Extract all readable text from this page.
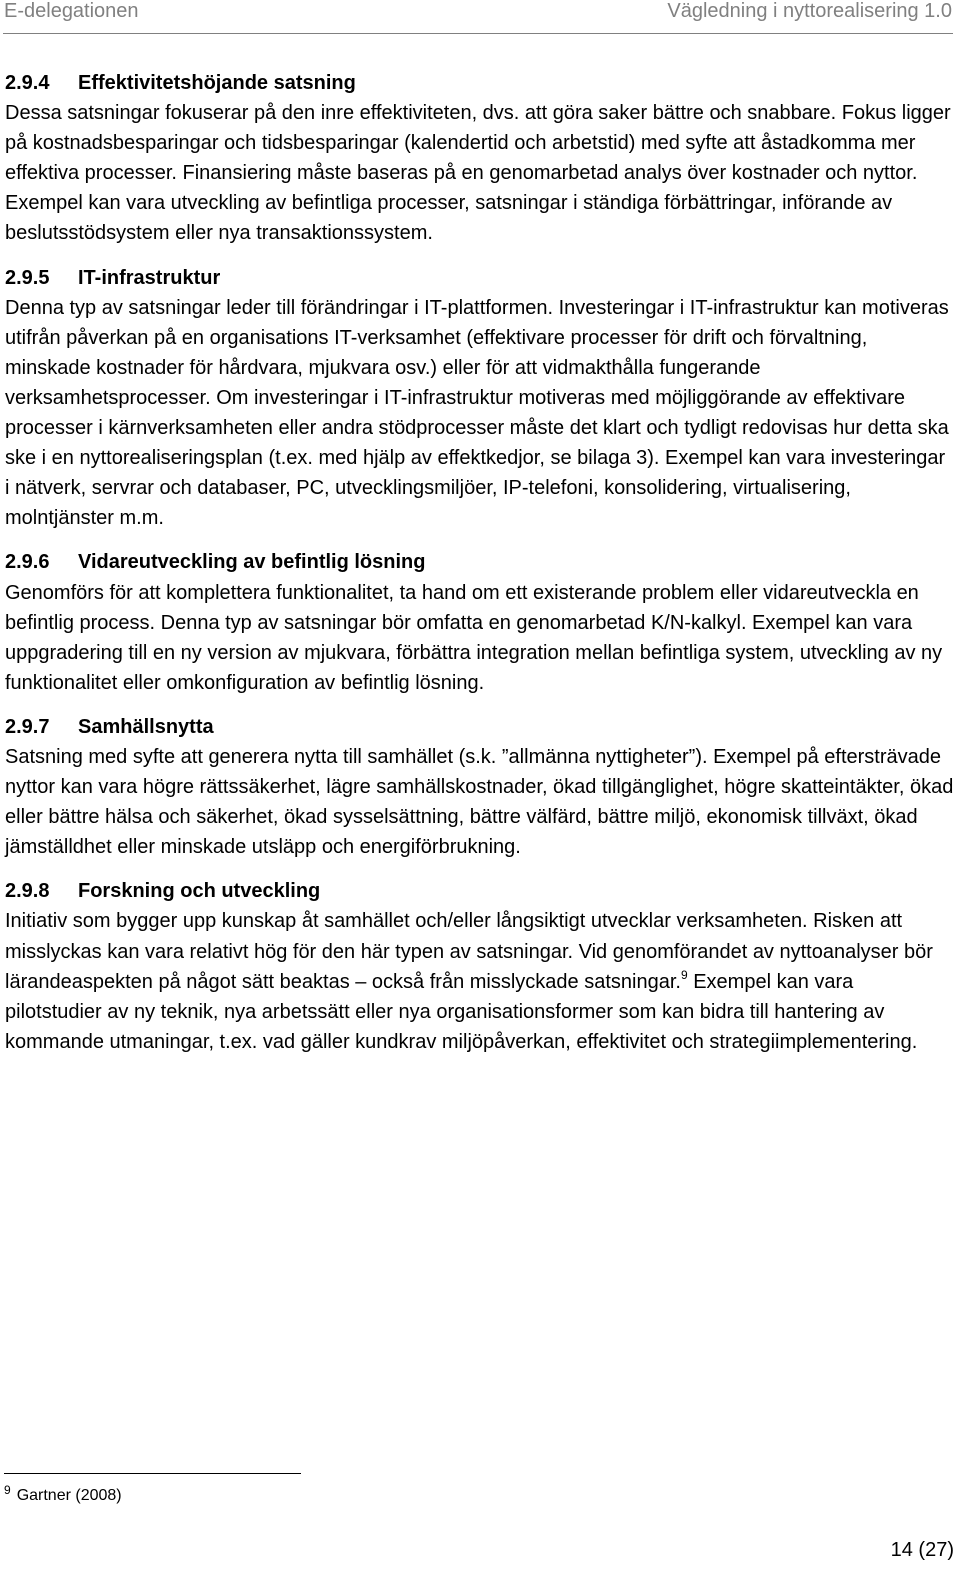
E-delegationen	Vägledning i nyttorealisering 1.0

2.9.4 Effektivitetshöjande satsning

Dessa satsningar fokuserar på den inre effektiviteten, dvs. att göra saker bättre och snabbare. Fokus ligger på kostnadsbesparingar och tidsbesparingar (kalendertid och arbetstid) med syfte att åstadkomma mer effektiva processer. Finansiering måste baseras på en genomarbetad analys över kostnader och nyttor. Exempel kan vara utveckling av befintliga processer, satsningar i ständiga förbättringar, införande av beslutsstödsystem eller nya transaktionssystem.

2.9.5 IT-infrastruktur

Denna typ av satsningar leder till förändringar i IT-plattformen. Investeringar i IT-infrastruktur kan motiveras utifrån påverkan på en organisations IT-verksamhet (effektivare processer för drift och förvaltning, minskade kostnader för hårdvara, mjukvara osv.) eller för att vidmakthålla fungerande verksamhetsprocesser. Om investeringar i IT-infrastruktur motiveras med möjliggörande av effektivare processer i kärnverksamheten eller andra stödprocesser måste det klart och tydligt redovisas hur detta ska ske i en nyttorealiseringsplan (t.ex. med hjälp av effektkedjor, se bilaga 3). Exempel kan vara investeringar i nätverk, servrar och databaser, PC, utvecklingsmiljöer, IP-telefoni, konsolidering, virtualisering, molntjänster m.m.

2.9.6 Vidareutveckling av befintlig lösning

Genomförs för att komplettera funktionalitet, ta hand om ett existerande problem eller vidareutveckla en befintlig process. Denna typ av satsningar bör omfatta en genomarbetad K/N-kalkyl. Exempel kan vara uppgradering till en ny version av mjukvara, förbättra integration mellan befintliga system, utveckling av ny funktionalitet eller omkonfiguration av befintlig lösning.

2.9.7 Samhällsnytta

Satsning med syfte att generera nytta till samhället (s.k. ”allmänna nyttigheter”). Exempel på eftersträvade nyttor kan vara högre rättssäkerhet, lägre samhällskostnader, ökad tillgänglighet, högre skatteintäkter, ökad eller bättre hälsa och säkerhet, ökad sysselsättning, bättre välfärd, bättre miljö, ekonomisk tillväxt, ökad jämställdhet eller minskade utsläpp och energiförbrukning.

2.9.8 Forskning och utveckling

Initiativ som bygger upp kunskap åt samhället och/eller långsiktigt utvecklar verksamheten. Risken att misslyckas kan vara relativt hög för den här typen av satsningar. Vid genomförandet av nyttoanalyser bör lärandeaspekten på något sätt beaktas – också från misslyckade satsningar.$^9$ Exempel kan vara pilotstudier av ny teknik, nya arbetssätt eller nya organisationsformer som kan bidra till hantering av kommande utmaningar, t.ex. vad gäller kundkrav miljöpåverkan, effektivitet och strategiimplementering.

$^9$ Gartner (2008)
14 (27)
